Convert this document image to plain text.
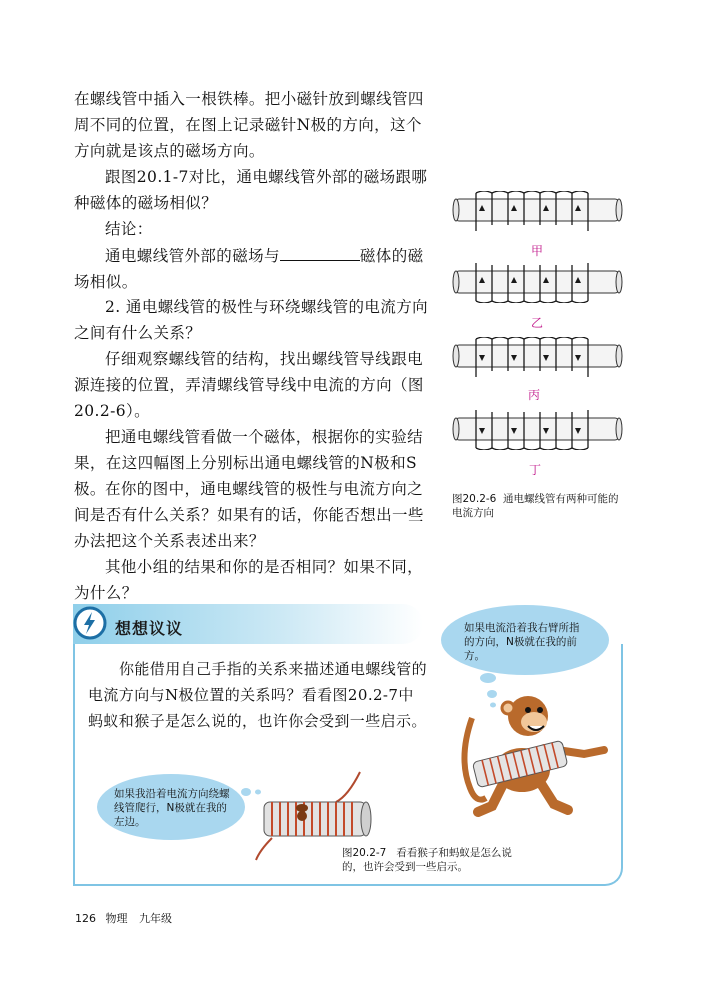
在螺线管中插入一根铁棒。把小磁针放到螺线管四周不同的位置，在图上记录磁针N极的方向，这个方向就是该点的磁场方向。

跟图20.1-7对比，通电螺线管外部的磁场跟哪种磁体的磁场相似？

结论：

通电螺线管外部的磁场与	磁体的磁场相似。

2. 通电螺线管的极性与环绕螺线管的电流方向之间有什么关系？

仔细观察螺线管的结构，找出螺线管导线跟电源连接的位置，弄清螺线管导线中电流的方向（图20.2-6）。

把通电螺线管看做一个磁体，根据你的实验结果，在这四幅图上分别标出通电螺线管的N极和S极。 在你的图中，通电螺线管的极性与电流方向之间是否有什么关系？如果有的话，你能否想出一些办法把这个关系表述出来？

其他小组的结果和你的是否相同？如果不同，为什么？

甲
乙
丙
丁

图20.2-6 通电螺线管有两种可能的电流方向

想想议议

你能借用自己手指的关系来描述通电螺线管的电流方向与N极位置的关系吗？看看图20.2-7中蚂蚁和猴子是怎么说的，也许你会受到一些启示。

如果电流沿着我右臂所指的方向，N极就在我的前方。

如果我沿着电流方向绕螺线管爬行，N极就在我的左边。

图20.2-7 看看猴子和蚂蚁是怎么说的，也许会受到一些启示。

126 物理 九年级
